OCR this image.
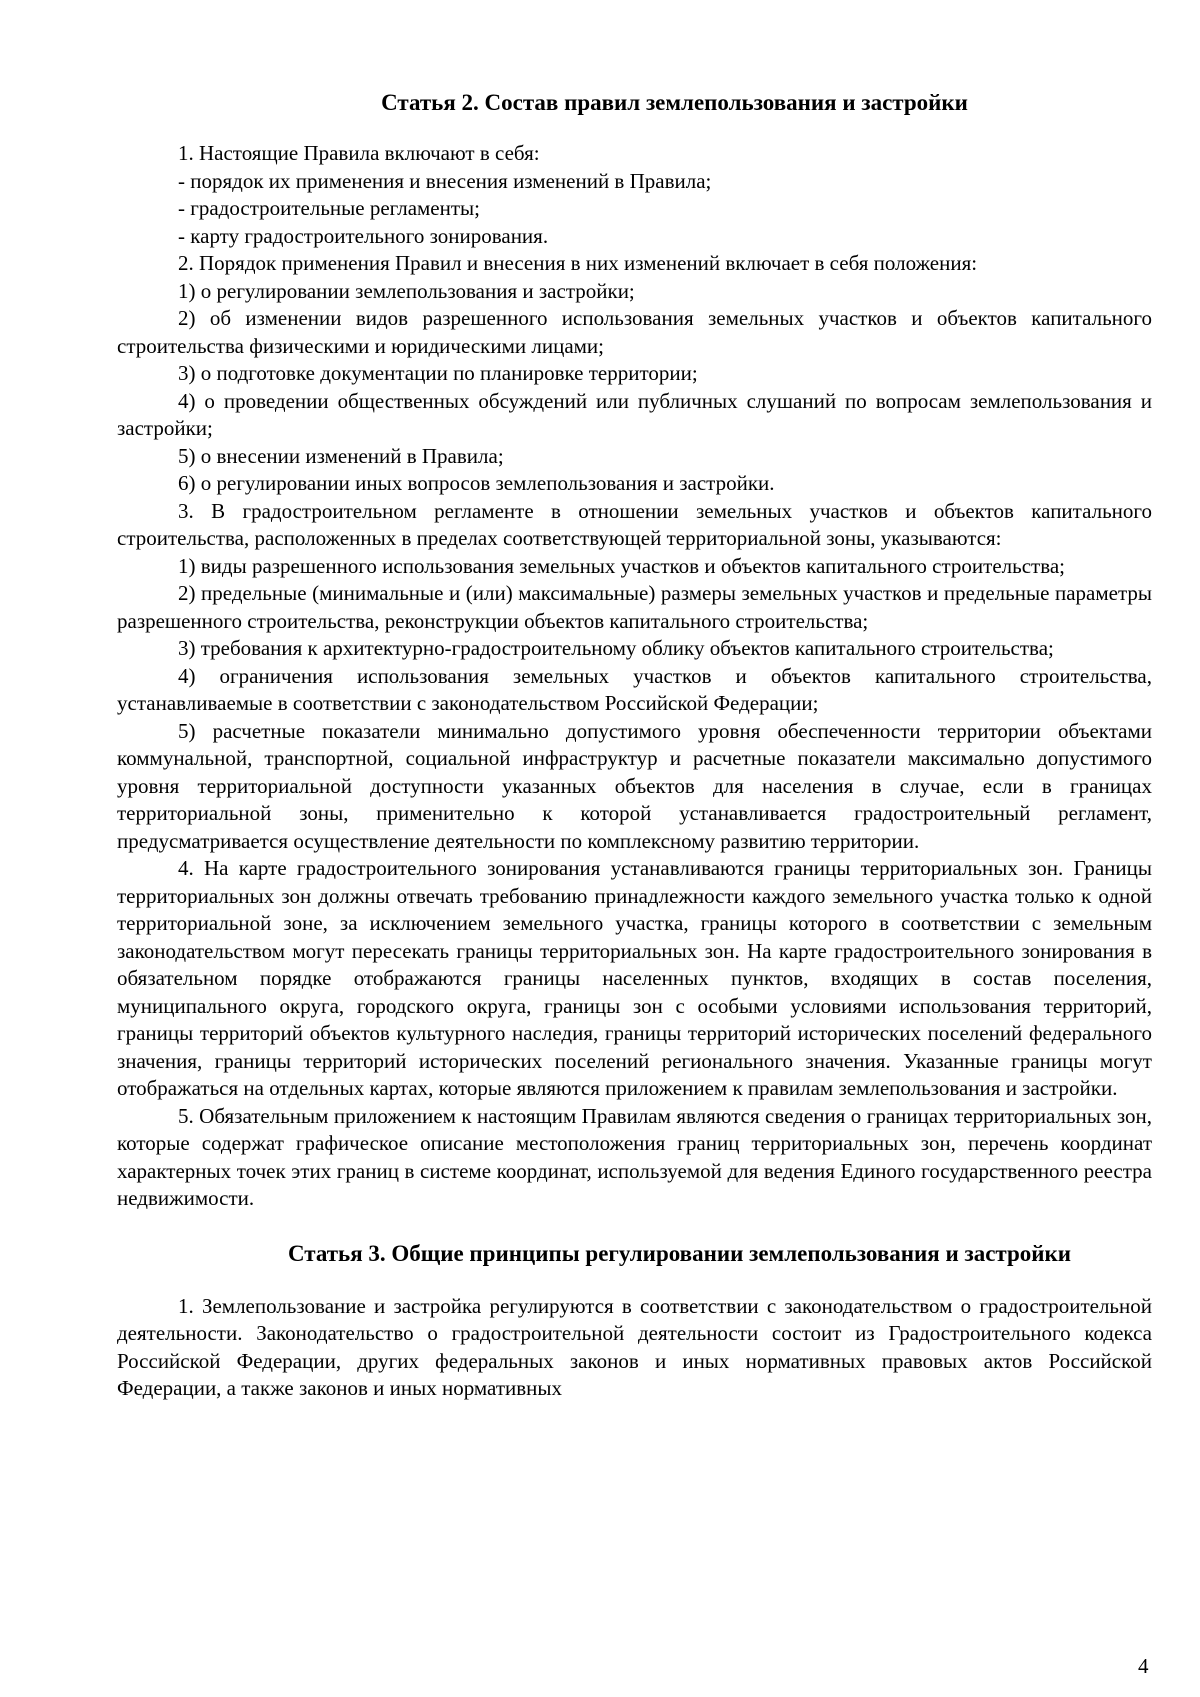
Статья 2. Состав правил землепользования и застройки

1. Настоящие Правила включают в себя:

- порядок их применения и внесения изменений в Правила;

- градостроительные регламенты;

- карту градостроительного зонирования.

2. Порядок применения Правил и внесения в них изменений включает в себя положения:

1) о регулировании землепользования и застройки;

2) об изменении видов разрешенного использования земельных участков и объектов капитального строительства физическими и юридическими лицами;

3) о подготовке документации по планировке территории;

4) о проведении общественных обсуждений или публичных слушаний по вопросам землепользования и застройки;

5) о внесении изменений в Правила;

6) о регулировании иных вопросов землепользования и застройки.

3. В градостроительном регламенте в отношении земельных участков и объектов капитального строительства, расположенных в пределах соответствующей территориальной зоны, указываются:

1) виды разрешенного использования земельных участков и объектов капитального строительства;

2) предельные (минимальные и (или) максимальные) размеры земельных участков и предельные параметры разрешенного строительства, реконструкции объектов капитального строительства;

3) требования к архитектурно-градостроительному облику объектов капитального строительства;

4) ограничения использования земельных участков и объектов капитального строительства, устанавливаемые в соответствии с законодательством Российской Федерации;

5) расчетные показатели минимально допустимого уровня обеспеченности территории объектами коммунальной, транспортной, социальной инфраструктур и расчетные показатели максимально допустимого уровня территориальной доступности указанных объектов для населения в случае, если в границах территориальной зоны, применительно к которой устанавливается градостроительный регламент, предусматривается осуществление деятельности по комплексному развитию территории.

4. На карте градостроительного зонирования устанавливаются границы территориальных зон. Границы территориальных зон должны отвечать требованию принадлежности каждого земельного участка только к одной территориальной зоне, за исключением земельного участка, границы которого в соответствии с земельным законодательством могут пересекать границы территориальных зон. На карте градостроительного зонирования в обязательном порядке отображаются границы населенных пунктов, входящих в состав поселения, муниципального округа, городского округа, границы зон с особыми условиями использования территорий, границы территорий объектов культурного наследия, границы территорий исторических поселений федерального значения, границы территорий исторических поселений регионального значения. Указанные границы могут отображаться на отдельных картах, которые являются приложением к правилам землепользования и застройки.

5. Обязательным приложением к настоящим Правилам являются сведения о границах территориальных зон, которые содержат графическое описание местоположения границ территориальных зон, перечень координат характерных точек этих границ в системе координат, используемой для ведения Единого государственного реестра недвижимости.

Статья 3. Общие принципы регулировании землепользования и застройки

1. Землепользование и застройка регулируются в соответствии с законодательством о градостроительной деятельности. Законодательство о градостроительной деятельности состоит из Градостроительного кодекса Российской Федерации, других федеральных законов и иных нормативных правовых актов Российской Федерации, а также законов и иных нормативных

4
